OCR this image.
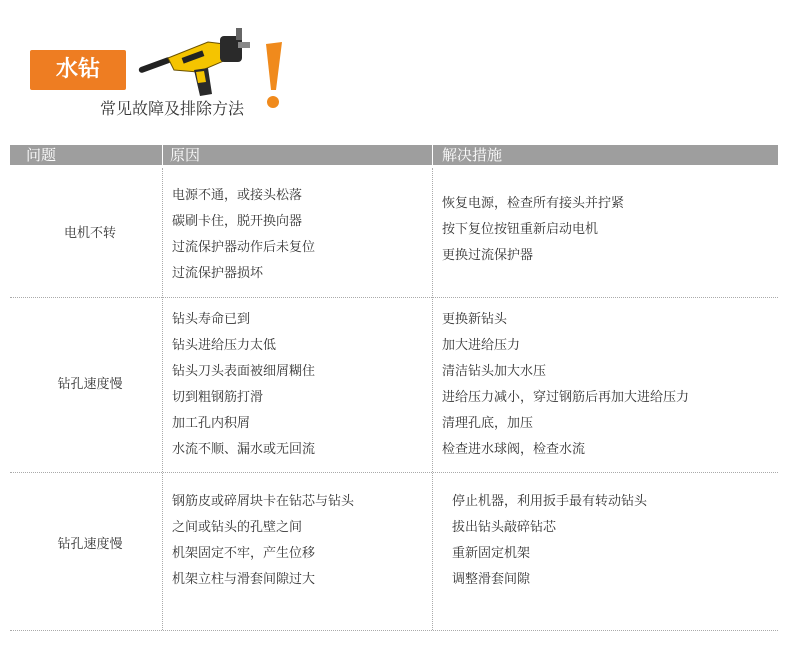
水钻
常见故障及排除方法
问题	原因	解决措施
电机不转
电源不通，或接头松落
碳刷卡住，脱开换向器
过流保护器动作后未复位
过流保护器损坏
恢复电源，检查所有接头并拧紧
按下复位按钮重新启动电机
更换过流保护器
钻孔速度慢
钻头寿命已到
钻头进给压力太低
钻头刀头表面被细屑糊住
切到粗钢筋打滑
加工孔内积屑
水流不顺、漏水或无回流
更换新钻头
加大进给压力
清洁钻头加大水压
进给压力减小，穿过钢筋后再加大进给压力
清理孔底，加压
检查进水球阀，检查水流
钻孔速度慢
钢筋皮或碎屑块卡在钻芯与钻头
之间或钻头的孔壁之间
机架固定不牢，产生位移
机架立柱与滑套间隙过大
停止机器，利用扳手最有转动钻头
拔出钻头敲碎钻芯
重新固定机架
调整滑套间隙
